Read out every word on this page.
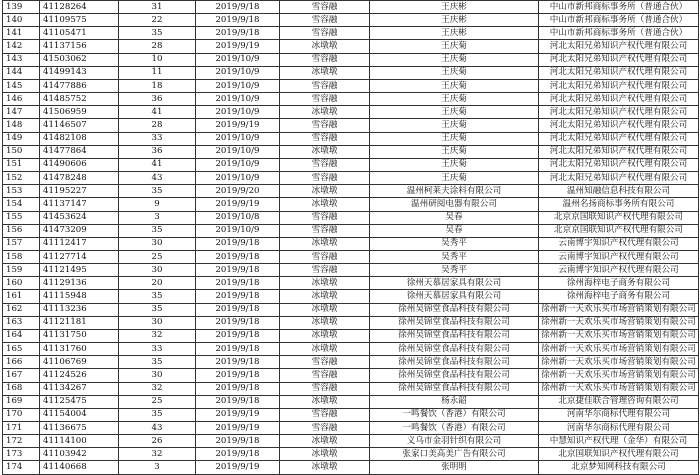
139	41128264	31	2019/9/18	雪容融	王庆彬	中山市新邦商标事务所（普通合伙）
140	41109575	22	2019/9/18	雪容融	王庆彬	中山市新邦商标事务所（普通合伙）
141	41105471	35	2019/9/18	雪容融	王庆彬	中山市新邦商标事务所（普通合伙）
142	41137156	28	2019/9/19	冰墩墩	王庆菊	河北太阳兄弟知识产权代理有限公司
143	41503062	10	2019/10/9	雪容融	王庆菊	河北太阳兄弟知识产权代理有限公司
144	41499143	11	2019/10/9	冰墩墩	王庆菊	河北太阳兄弟知识产权代理有限公司
145	41477886	18	2019/10/9	雪容融	王庆菊	河北太阳兄弟知识产权代理有限公司
146	41485752	36	2019/10/9	雪容融	王庆菊	河北太阳兄弟知识产权代理有限公司
147	41506959	41	2019/10/9	冰墩墩	王庆菊	河北太阳兄弟知识产权代理有限公司
148	41146507	28	2019/9/19	雪容融	王庆菊	河北太阳兄弟知识产权代理有限公司
149	41482108	33	2019/10/9	雪容融	王庆菊	河北太阳兄弟知识产权代理有限公司
150	41477864	36	2019/10/9	冰墩墩	王庆菊	河北太阳兄弟知识产权代理有限公司
151	41490606	41	2019/10/9	雪容融	王庆菊	河北太阳兄弟知识产权代理有限公司
152	41478248	43	2019/10/9	雪容融	王庆菊	河北太阳兄弟知识产权代理有限公司
153	41195227	35	2019/9/20	冰墩墩	温州柯莱夫涂料有限公司	温州知融信息科技有限公司
154	41137147	9	2019/9/19	冰墩墩	温州研阅电器有限公司	温州名扬商标事务所有限公司
155	41453624	3	2019/10/8	雪容融	吴春	北京京国联知识产权代理有限公司
156	41473209	35	2019/10/9	雪容融	吴春	北京京国联知识产权代理有限公司
157	41112417	30	2019/9/18	冰墩墩	吴秀平	云南博宇知识产权代理有限公司
158	41127714	25	2019/9/18	雪容融	吴秀平	云南博宇知识产权代理有限公司
159	41121495	30	2019/9/18	雪容融	吴秀平	云南博宇知识产权代理有限公司
160	41129136	20	2019/9/18	冰墩墩	徐州天慕居家具有限公司	徐州海梓电子商务有限公司
161	41115948	35	2019/9/18	冰墩墩	徐州天慕居家具有限公司	徐州海梓电子商务有限公司
162	41113236	35	2019/9/18	冰墩墩	徐州吴锦堂食品科技有限公司	徐州新一天欢乐买市场营销策划有限公司
163	41121181	30	2019/9/18	冰墩墩	徐州吴锦堂食品科技有限公司	徐州新一天欢乐买市场营销策划有限公司
164	41131750	32	2019/9/18	冰墩墩	徐州吴锦堂食品科技有限公司	徐州新一天欢乐买市场营销策划有限公司
165	41131760	33	2019/9/18	冰墩墩	徐州吴锦堂食品科技有限公司	徐州新一天欢乐买市场营销策划有限公司
166	41106769	35	2019/9/18	雪容融	徐州吴锦堂食品科技有限公司	徐州新一天欢乐买市场营销策划有限公司
167	41124526	30	2019/9/18	雪容融	徐州吴锦堂食品科技有限公司	徐州新一天欢乐买市场营销策划有限公司
168	41134267	32	2019/9/18	雪容融	徐州吴锦堂食品科技有限公司	徐州新一天欢乐买市场营销策划有限公司
169	41125475	25	2019/9/18	冰墩墩	杨永韶	北京捷佳联合管理咨询有限公司
170	41154004	35	2019/9/19	雪容融	一鸣餐饮（香港）有限公司	河南华尔商标代理有限公司
171	41136675	43	2019/9/19	雪容融	一鸣餐饮（香港）有限公司	河南华尔商标代理有限公司
172	41114100	26	2019/9/18	冰墩墩	义乌市金羽针织有限公司	中慧知识产权代理（金华）有限公司
173	41103942	32	2019/9/18	冰墩墩	张家口美高美广告有限公司	北京国联知识产权代理有限公司
174	41140668	3	2019/9/19	冰墩墩	张明明	北京梦知网科技有限公司
